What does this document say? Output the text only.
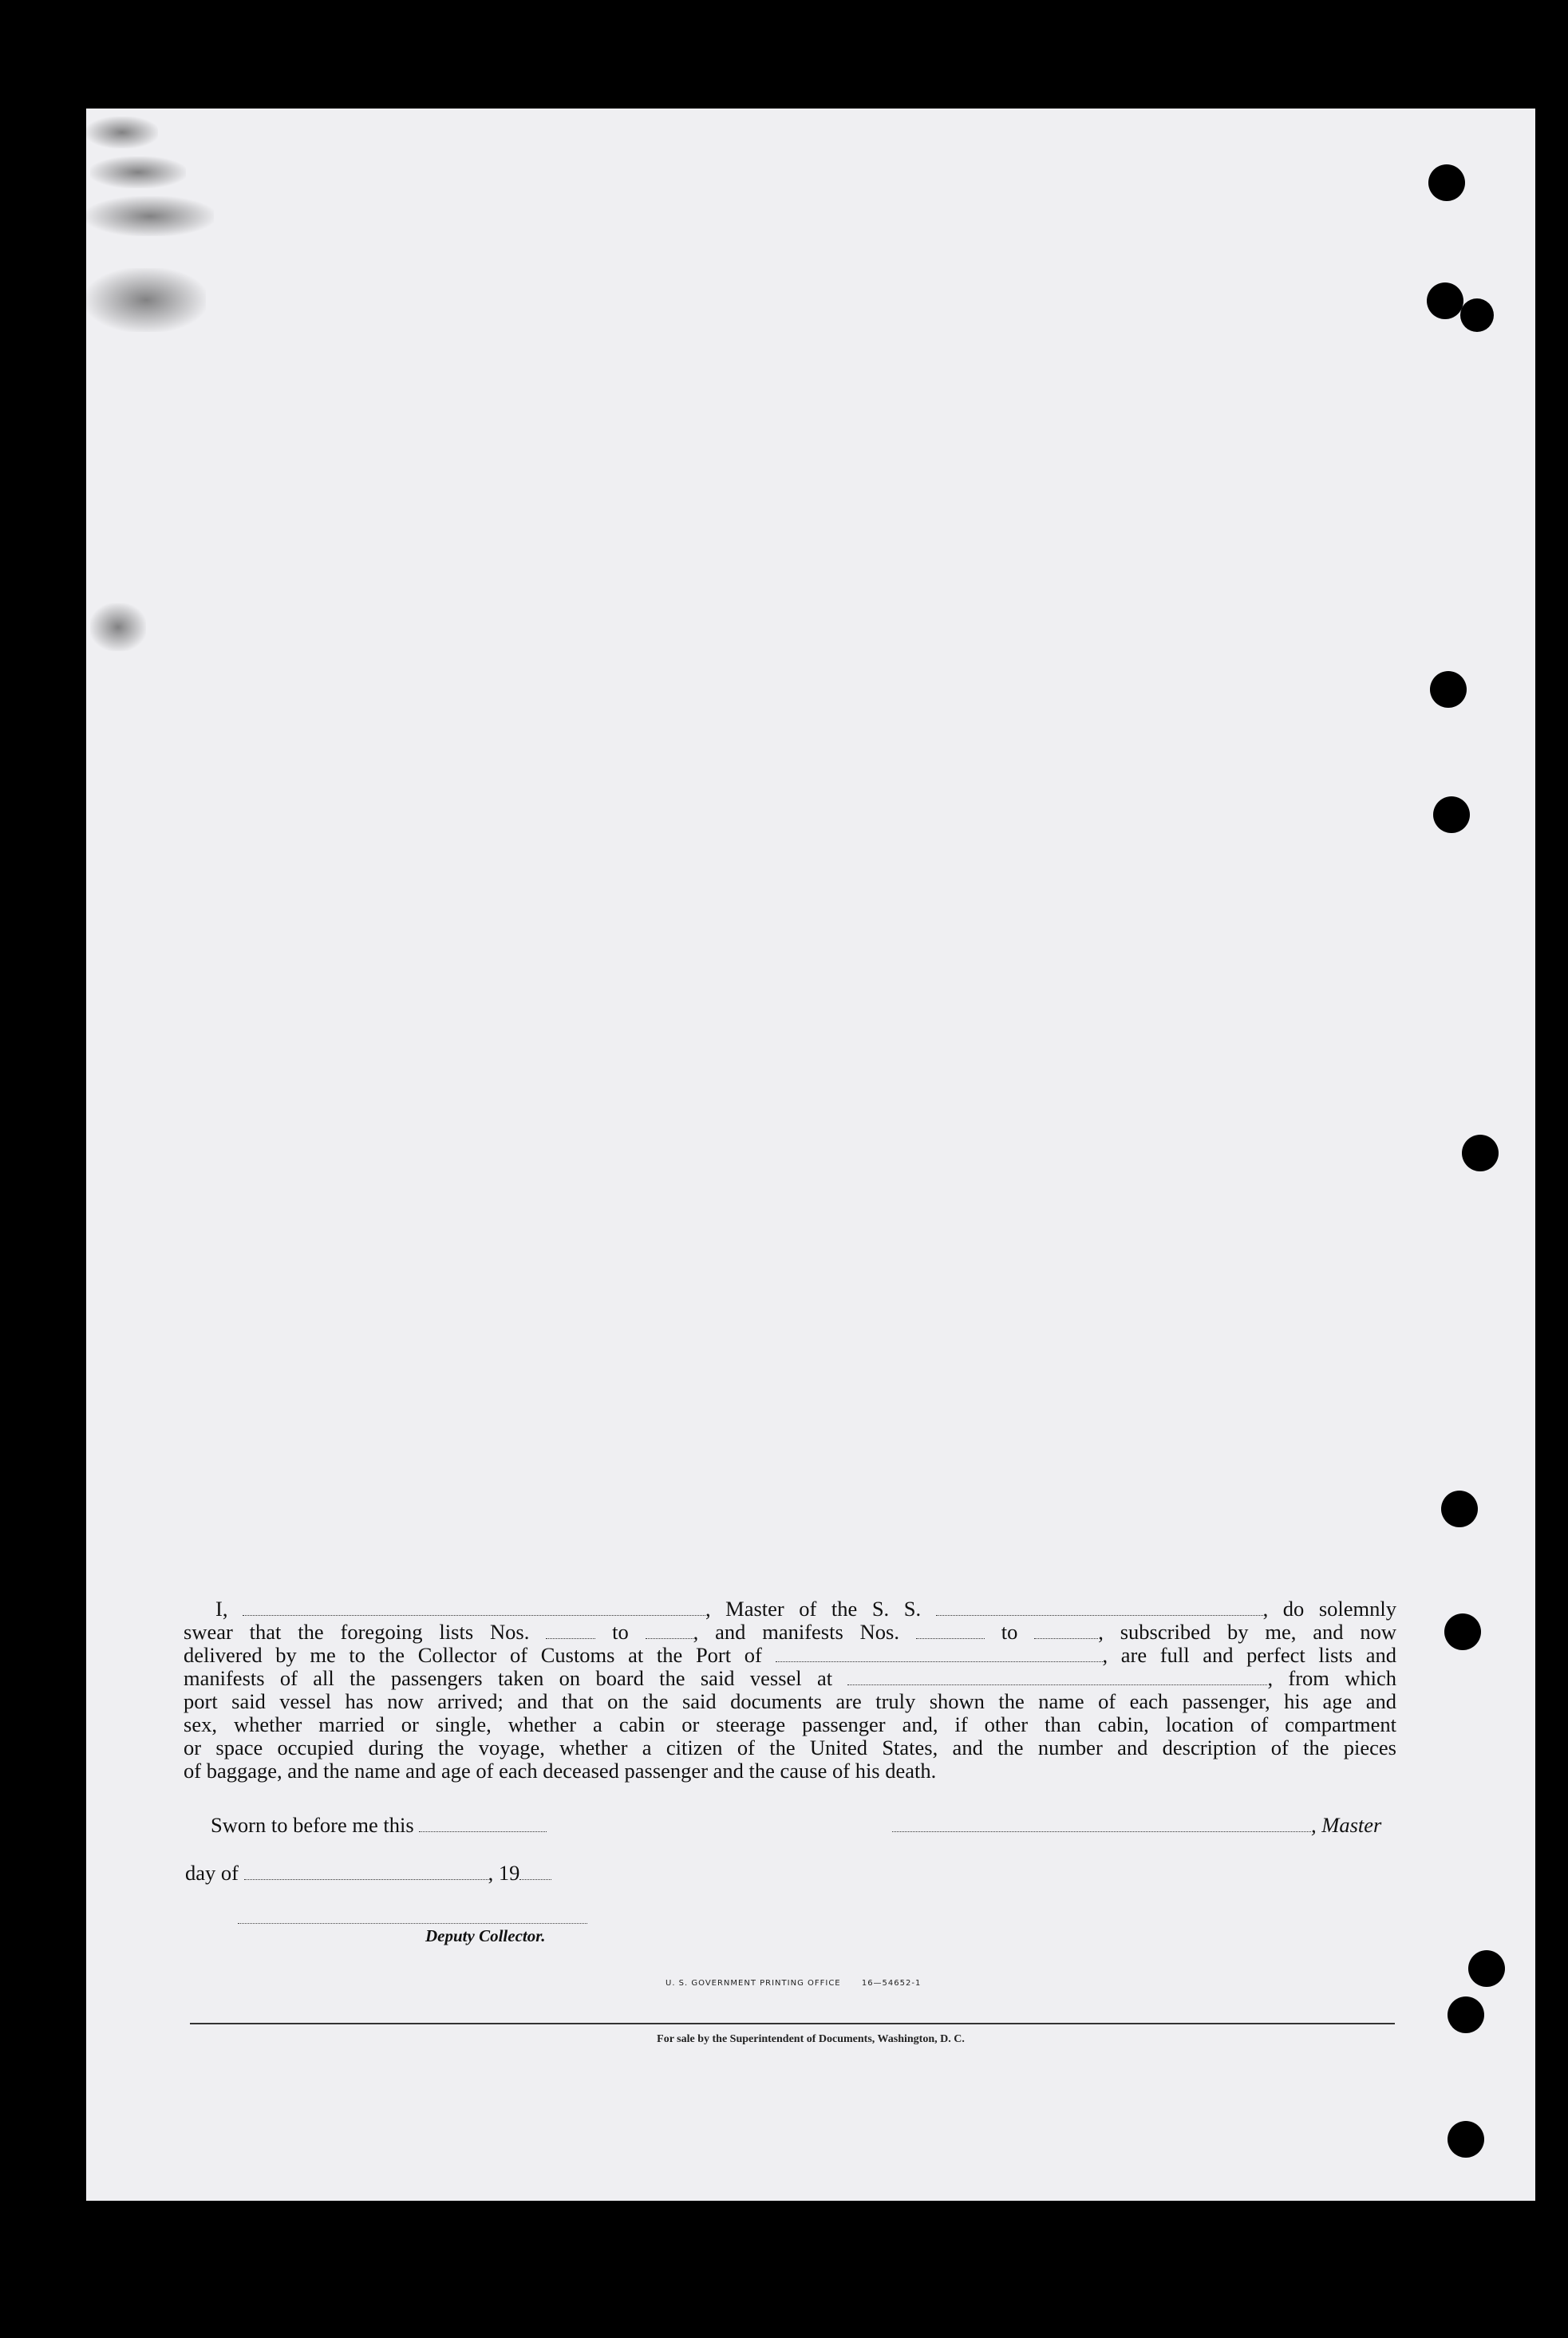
I,	, Master of the S. S.	, do solemnly
swear that the foregoing lists Nos.	to	, and manifests Nos.	to	, subscribed by me, and now
delivered by me to the Collector of Customs at the Port of	, are full and perfect lists and
manifests of all the passengers taken on board the said vessel at	, from which
port said vessel has now arrived; and that on the said documents are truly shown the name of each passenger, his age and
sex, whether married or single, whether a cabin or steerage passenger and, if other than cabin, location of compartment
or space occupied during the voyage, whether a citizen of the United States, and the number and description of the pieces
of baggage, and the name and age of each deceased passenger and the cause of his death.
Sworn to before me this	, Master
day of	, 19
Deputy Collector.
U. S. GOVERNMENT PRINTING OFFICE	16—54652-1
For sale by the Superintendent of Documents, Washington, D. C.
